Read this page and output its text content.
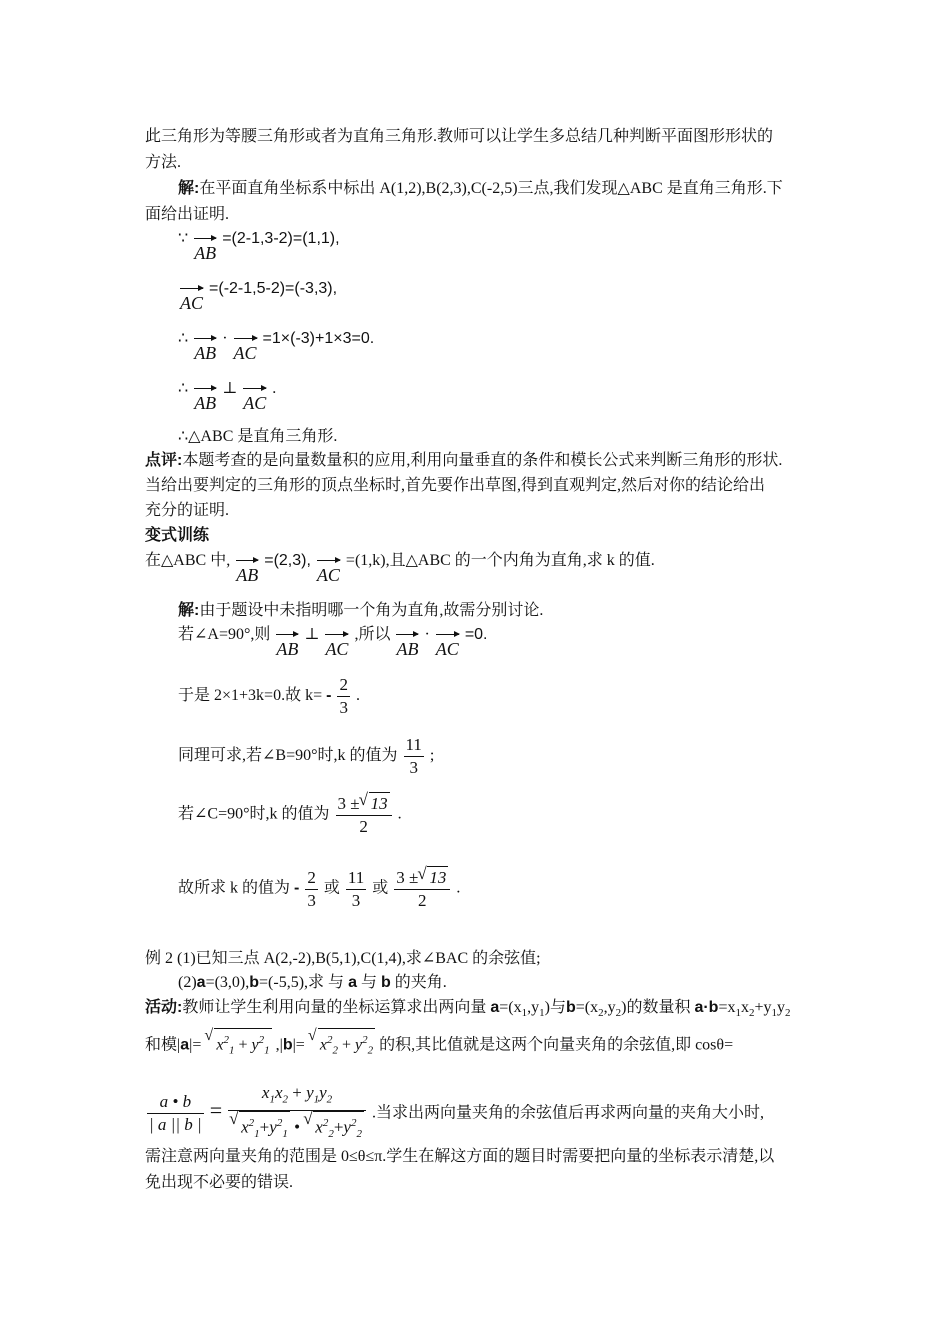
此三角形为等腰三角形或者为直角三角形.教师可以让学生多总结几种判断平面图形形状的
方法.
解:在平面直角坐标系中标出 A(1,2),B(2,3),C(-2,5)三点,我们发现△ABC 是直角三角形.下
面给出证明.
∵
AB =(2-1,3-2)=(1,1),
AC =(-2-1,5-2)=(-3,3),
∴
AB ·
AC =1×(-3)+1×3=0.
∴
AB ⊥
AC .
∴△ABC 是直角三角形.
点评:本题考查的是向量数量积的应用,利用向量垂直的条件和模长公式来判断三角形的形状.
当给出要判定的三角形的顶点坐标时,首先要作出草图,得到直观判定,然后对你的结论给出
充分的证明.
变式训练
在△ABC 中,
AB =(2,3),
AC =(1,k),且△ABC 的一个内角为直角,求 k 的值.
解:由于题设中未指明哪一个角为直角,故需分别讨论.
若∠A=90°,则
AB ⊥
AC ,所以
AB ·
AC =0.
于是 2×1+3k=0.故 $k= - \frac{2}{3}$ .
同理可求,若∠B=90°时,k 的值为 $\frac{11}{3}$ ;
若∠C=90°时,k 的值为 $\frac{3 \pm √ 13}{2}$ .
故所求 k 的值为 - $\frac{2}{3}$ 或 $\frac{11}{3}$ 或 $\frac{3 \pm √ 13}{2}$ .
例 2 (1)已知三点 A(2,-2),B(5,1),C(1,4),求∠BAC 的余弦值;
(2)a=(3,0),b=(-5,5),求 与 a 与 b 的夹角.
活动:教师让学生利用向量的坐标运算求出两向量 $a=(x_1,y_1)$与$b=(x_2,y_2)$的数量积 $a\cdot b=x_1x_2+y_1y_2$
和模|a|= √ $x^2_1 + y^2_1$ ,|b|= √ $x^2_2 + y^2_2$ 的积,其比值就是这两个向量夹角的余弦值,即 cosθ=
$\frac{a • b}{| a || b |} = x_1x_2 + y_1y_2$
√ $x^2_1+y^2_1$ • √ $x^2_2+y^2_2$ .当求出两向量夹角的余弦值后再求两向量的夹角大小时,
需注意两向量夹角的范围是 0≤θ≤π.学生在解这方面的题目时需要把向量的坐标表示清楚,以
免出现不必要的错误.
